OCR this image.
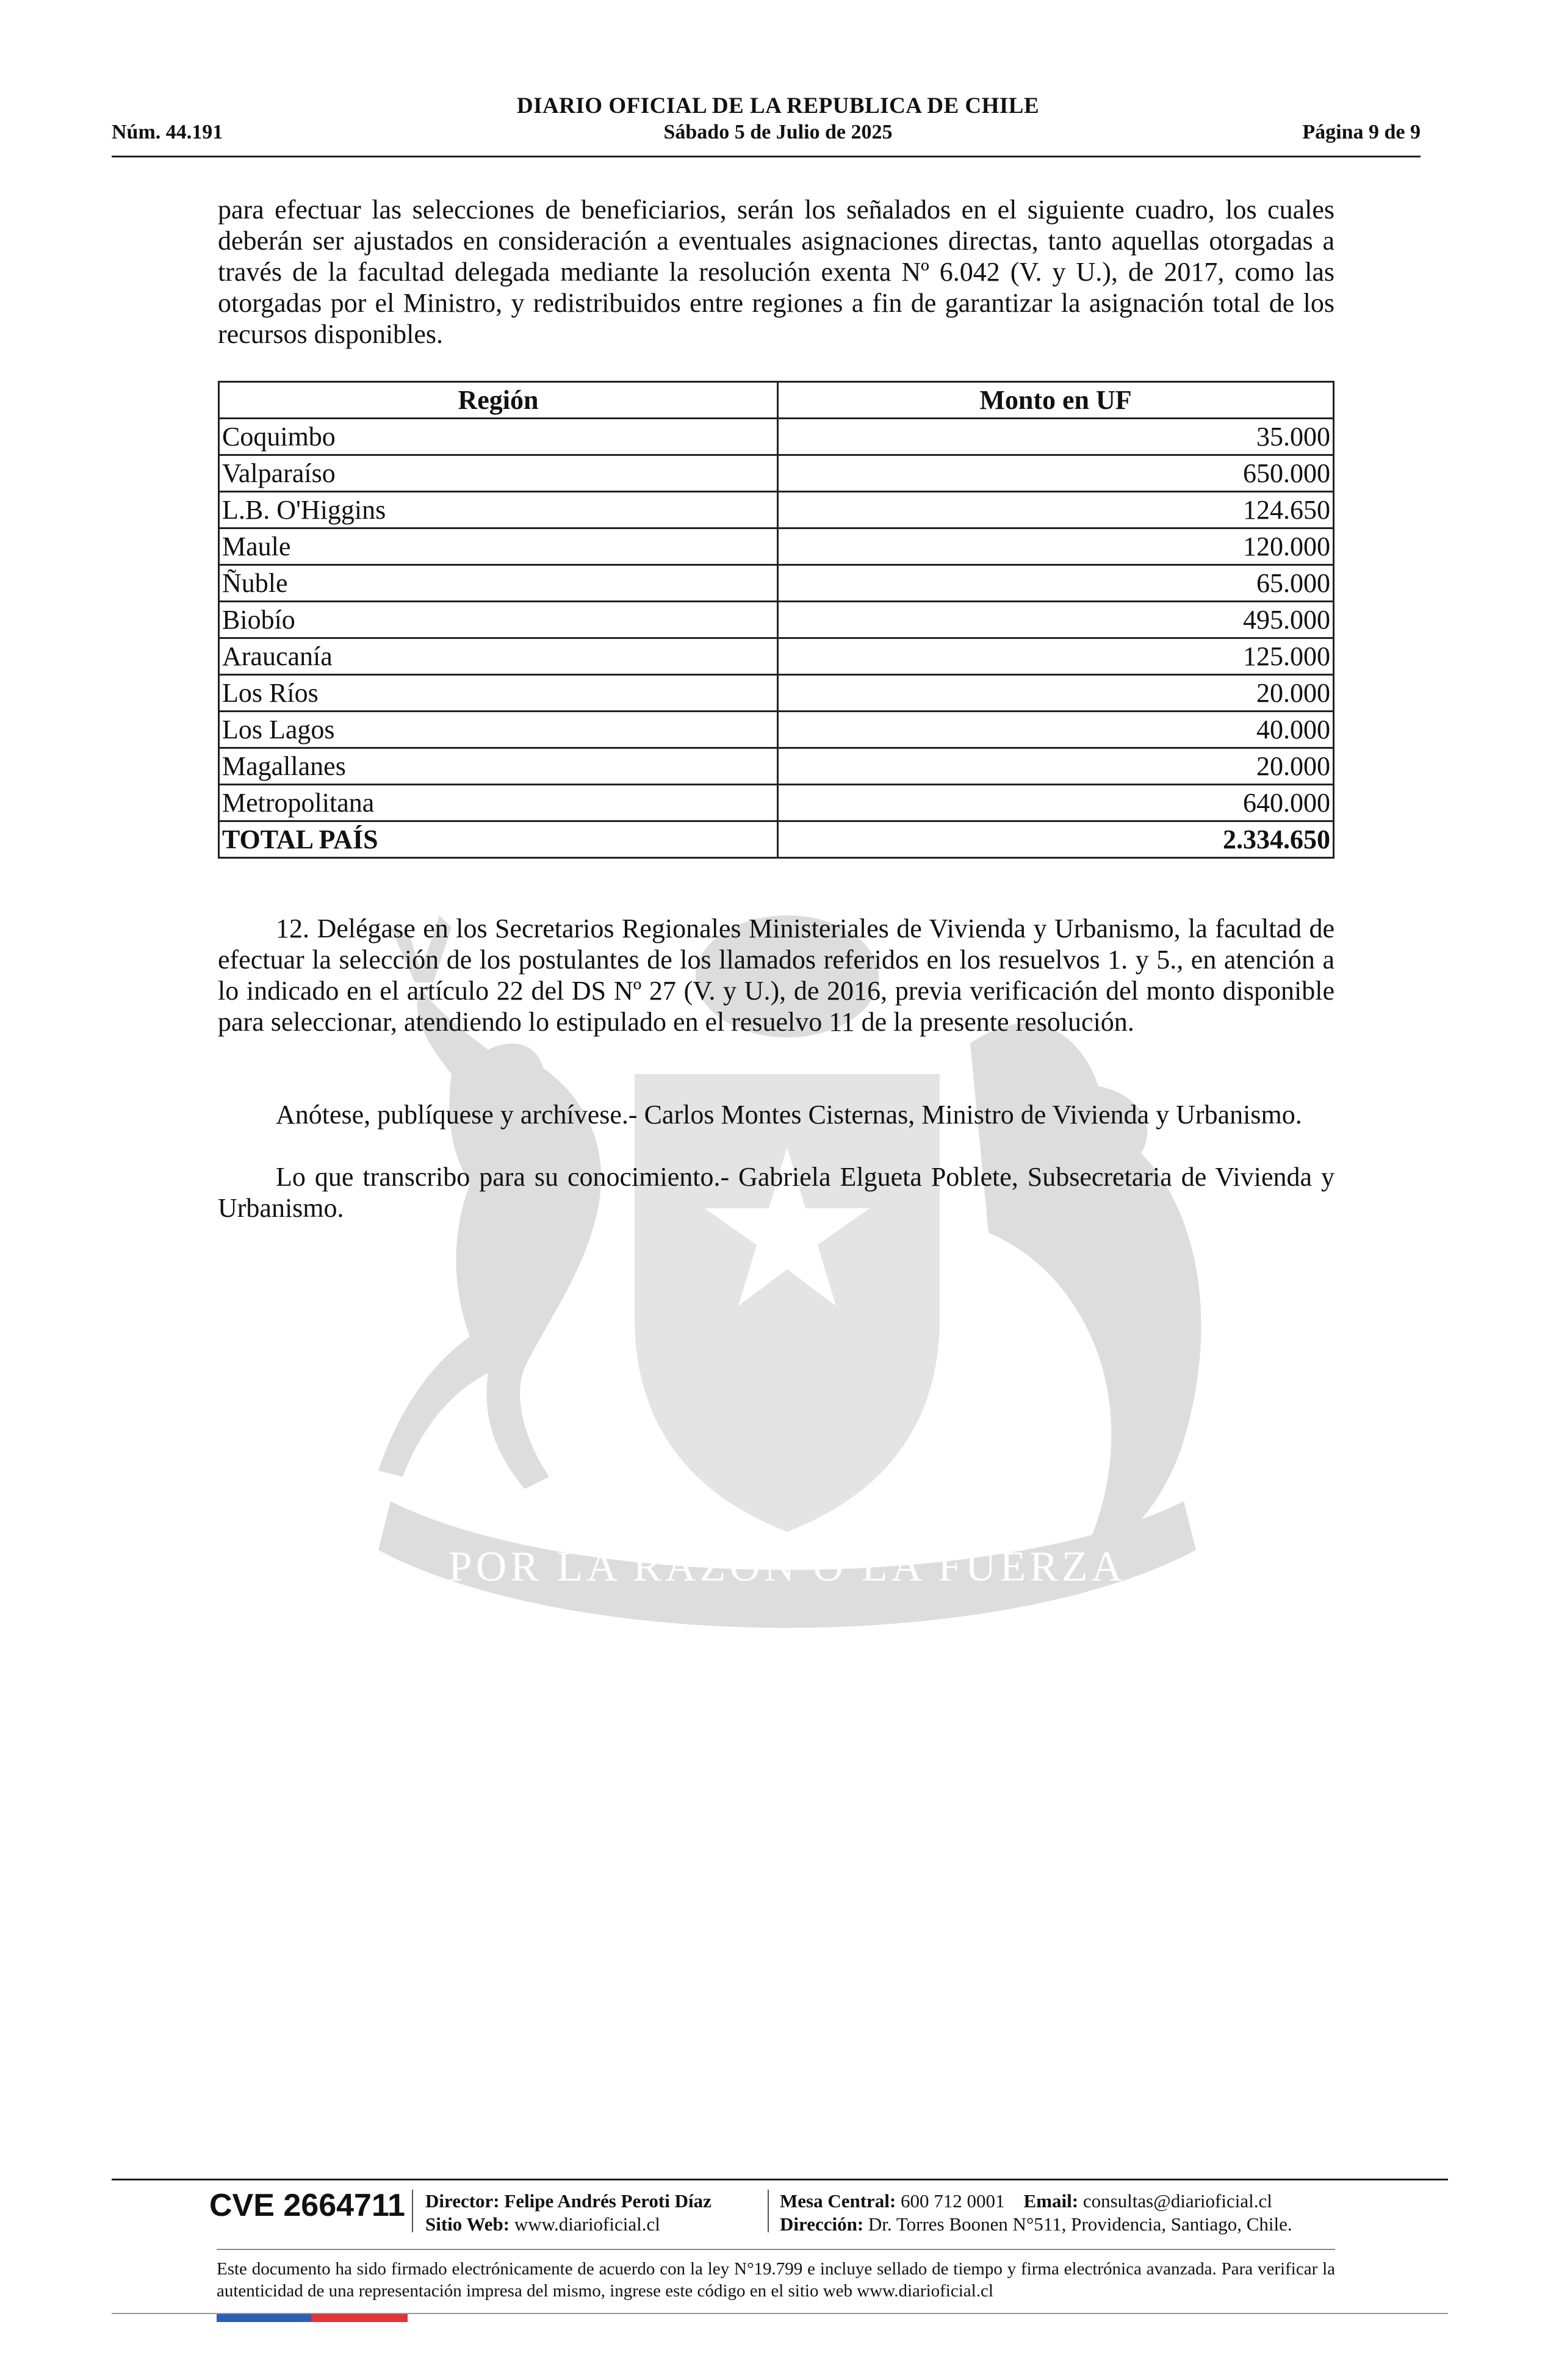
DIARIO OFICIAL DE LA REPUBLICA DE CHILE
Núm. 44.191	Sábado 5 de Julio de 2025	Página 9 de 9
POR LA RAZON O LA FUERZA
para efectuar las selecciones de beneficiarios, serán los señalados en el siguiente cuadro, los cuales deberán ser ajustados en consideración a eventuales asignaciones directas, tanto aquellas otorgadas a través de la facultad delegada mediante la resolución exenta Nº 6.042 (V. y U.), de 2017, como las otorgadas por el Ministro, y redistribuidos entre regiones a fin de garantizar la asignación total de los recursos disponibles.
Región	Monto en UF
Coquimbo	35.000
Valparaíso	650.000
L.B. O'Higgins	124.650
Maule	120.000
Ñuble	65.000
Biobío	495.000
Araucanía	125.000
Los Ríos	20.000
Los Lagos	40.000
Magallanes	20.000
Metropolitana	640.000
TOTAL PAÍS	2.334.650
12. Delégase en los Secretarios Regionales Ministeriales de Vivienda y Urbanismo, la facultad de efectuar la selección de los postulantes de los llamados referidos en los resuelvos 1. y 5., en atención a lo indicado en el artículo 22 del DS Nº 27 (V. y U.), de 2016, previa verificación del monto disponible para seleccionar, atendiendo lo estipulado en el resuelvo 11 de la presente resolución.
Anótese, publíquese y archívese.- Carlos Montes Cisternas, Ministro de Vivienda y Urbanismo.
Lo que transcribo para su conocimiento.- Gabriela Elgueta Poblete, Subsecretaria de Vivienda y Urbanismo.
CVE 2664711 Director: Felipe Andrés Peroti Díaz
Sitio Web: www.diarioficial.cl
Mesa Central: 600 712 0001 Email: consultas@diarioficial.cl
Dirección: Dr. Torres Boonen N°511, Providencia, Santiago, Chile.
Este documento ha sido firmado electrónicamente de acuerdo con la ley N°19.799 e incluye sellado de tiempo y firma electrónica avanzada. Para verificar la autenticidad de una representación impresa del mismo, ingrese este código en el sitio web www.diarioficial.cl
